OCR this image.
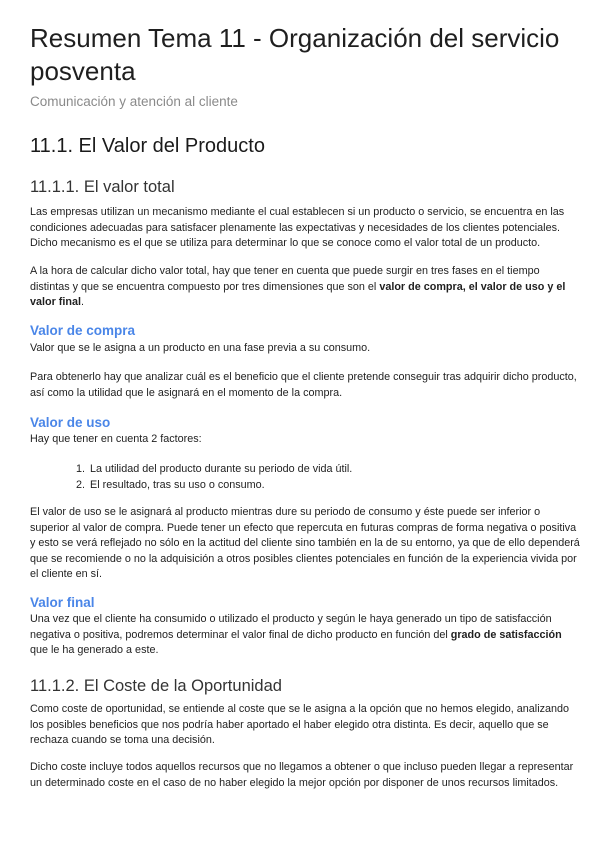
Resumen Tema 11 - Organización del servicio posventa
Comunicación y atención al cliente
11.1. El Valor del Producto
11.1.1. El valor total

Las empresas utilizan un mecanismo mediante el cual establecen si un producto o servicio, se encuentra en las condiciones adecuadas para satisfacer plenamente las expectativas y necesidades de los clientes potenciales. Dicho mecanismo es el que se utiliza para determinar lo que se conoce como el valor total de un producto.

A la hora de calcular dicho valor total, hay que tener en cuenta que puede surgir en tres fases en el tiempo distintas y que se encuentra compuesto por tres dimensiones que son el valor de compra, el valor de uso y el valor final.

Valor de compra

Valor que se le asigna a un producto en una fase previa a su consumo.

Para obtenerlo hay que analizar cuál es el beneficio que el cliente pretende conseguir tras adquirir dicho producto, así como la utilidad que le asignará en el momento de la compra.

Valor de uso

Hay que tener en cuenta 2 factores:

1. La utilidad del producto durante su periodo de vida útil.
2. El resultado, tras su uso o consumo.

El valor de uso se le asignará al producto mientras dure su periodo de consumo y éste puede ser inferior o superior al valor de compra. Puede tener un efecto que repercuta en futuras compras de forma negativa o positiva y esto se verá reflejado no sólo en la actitud del cliente sino también en la de su entorno, ya que de ello dependerá que se recomiende o no la adquisición a otros posibles clientes potenciales en función de la experiencia vivida por el cliente en sí.

Valor final

Una vez que el cliente ha consumido o utilizado el producto y según le haya generado un tipo de satisfacción negativa o positiva, podremos determinar el valor final de dicho producto en función del grado de satisfacción que le ha generado a este.

11.1.2. El Coste de la Oportunidad

Como coste de oportunidad, se entiende al coste que se le asigna a la opción que no hemos elegido, analizando los posibles beneficios que nos podría haber aportado el haber elegido otra distinta. Es decir, aquello que se rechaza cuando se toma una decisión.

Dicho coste incluye todos aquellos recursos que no llegamos a obtener o que incluso pueden llegar a representar un determinado coste en el caso de no haber elegido la mejor opción por disponer de unos recursos limitados.
